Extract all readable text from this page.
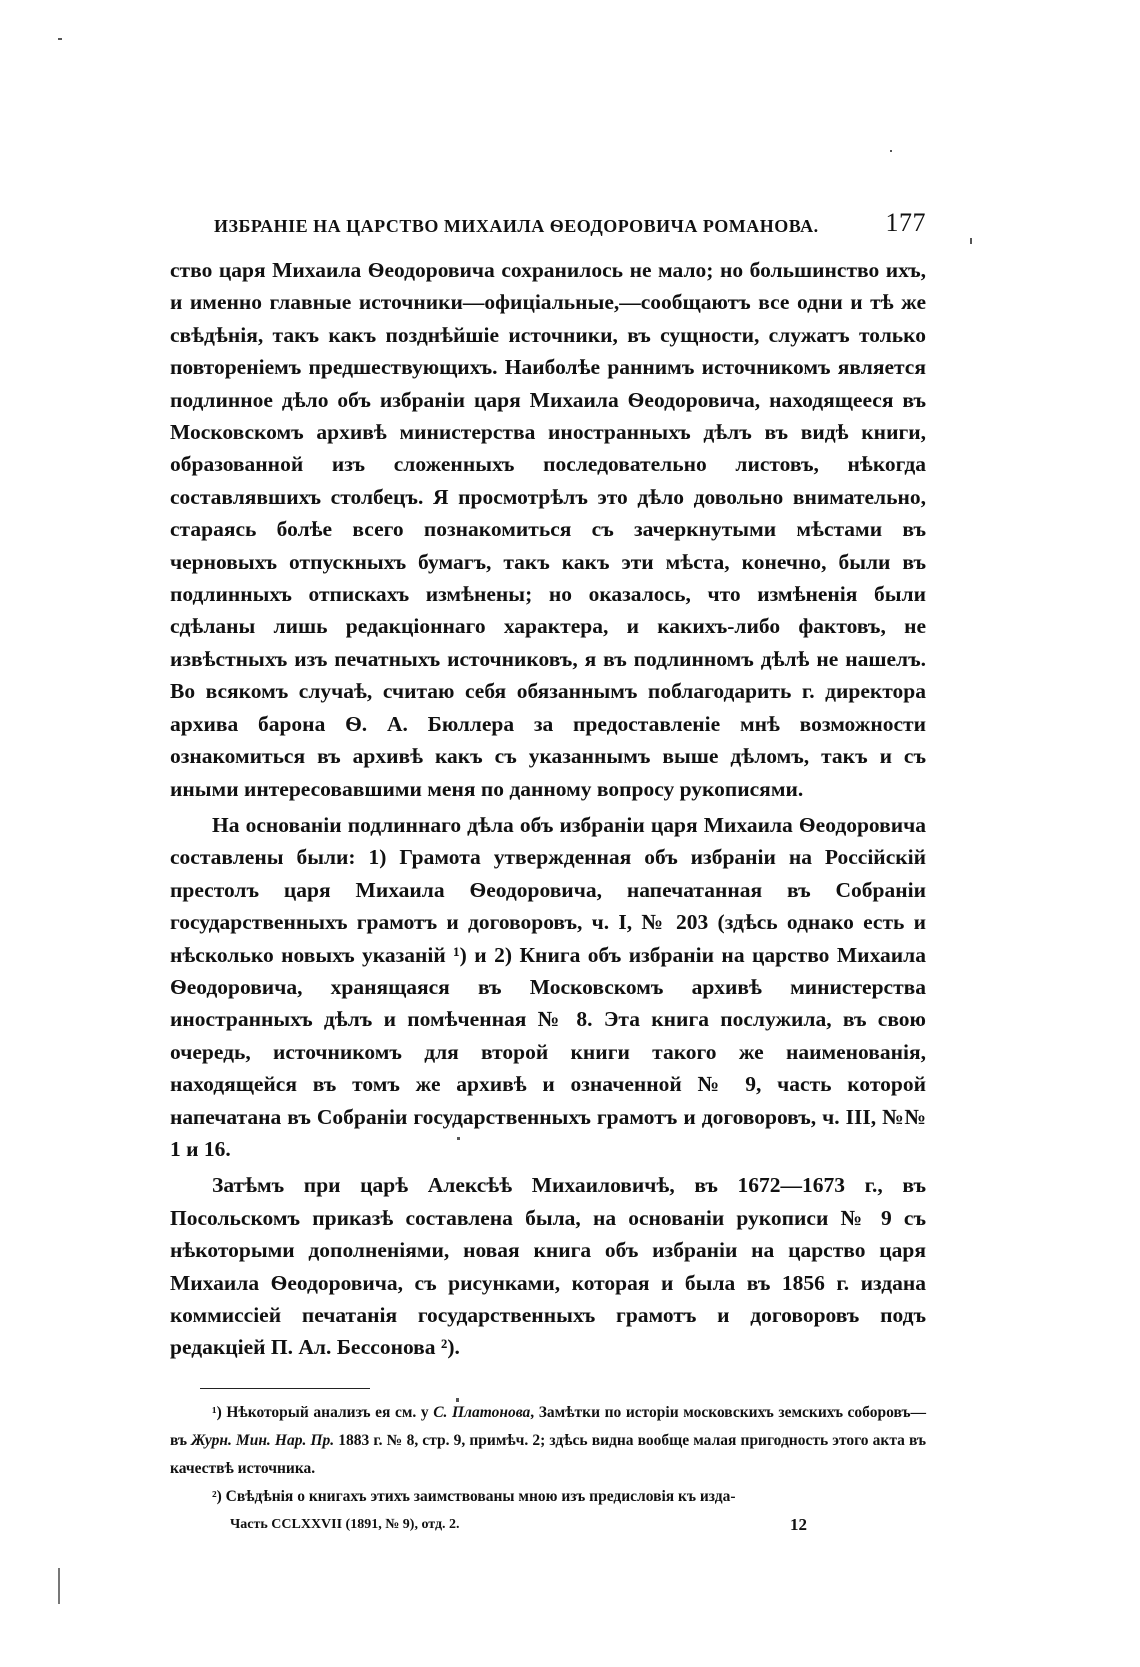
ИЗБРАНІЕ НА ЦАРСТВО МИХАИЛА ѲЕОДОРОВИЧА РОМАНОВА.	177

ство царя Михаила Ѳеодоровича сохранилось не мало; но большинство ихъ, и именно главные источники—офиціальные,—сообщаютъ все одни и тѣ же свѣдѣнія, такъ какъ позднѣйшіе источники, въ сущности, служатъ только повтореніемъ предшествующихъ. Наиболѣе раннимъ источникомъ является подлинное дѣло объ избраніи царя Михаила Ѳеодоровича, находящееся въ Московскомъ архивѣ министерства иностранныхъ дѣлъ въ видѣ книги, образованной изъ сложенныхъ последовательно листовъ, нѣкогда составлявшихъ столбецъ. Я просмотрѣлъ это дѣло довольно внимательно, стараясь болѣе всего познакомиться съ зачеркнутыми мѣстами въ черновыхъ отпускныхъ бумагъ, такъ какъ эти мѣста, конечно, были въ подлинныхъ отпискахъ измѣнены; но оказалось, что измѣненія были сдѣланы лишь редакціоннаго характера, и какихъ-либо фактовъ, не извѣстныхъ изъ печатныхъ источниковъ, я въ подлинномъ дѣлѣ не нашелъ. Во всякомъ случаѣ, считаю себя обязаннымъ поблагодарить г. директора архива барона Ѳ. А. Бюллера за предоставленіе мнѣ возможности ознакомиться въ архивѣ какъ съ указаннымъ выше дѣломъ, такъ и съ иными интересовавшими меня по данному вопросу рукописями.

На основаніи подлиннаго дѣла объ избраніи царя Михаила Ѳеодоровича составлены были: 1) Грамота утвержденная объ избраніи на Россійскій престолъ царя Михаила Ѳеодоровича, напечатанная въ Собраніи государственныхъ грамотъ и договоровъ, ч. I, № 203 (здѣсь однако есть и нѣсколько новыхъ указаній ¹) и 2) Книга объ избраніи на царство Михаила Ѳеодоровича, хранящаяся въ Московскомъ архивѣ министерства иностранныхъ дѣлъ и помѣченная № 8. Эта книга послужила, въ свою очередь, источникомъ для второй книги такого же наименованія, находящейся въ томъ же архивѣ и означенной № 9, часть которой напечатана въ Собраніи государственныхъ грамотъ и договоровъ, ч. III, №№ 1 и 16.

Затѣмъ при царѣ Алексѣѣ Михаиловичѣ, въ 1672—1673 г., въ Посольскомъ приказѣ составлена была, на основаніи рукописи № 9 съ нѣкоторыми дополненіями, новая книга объ избраніи на царство царя Михаила Ѳеодоровича, съ рисунками, которая и была въ 1856 г. издана коммиссіей печатанія государственныхъ грамотъ и договоровъ подъ редакціей П. Ал. Бессонова ²).

¹) Нѣкоторый анализъ ея см. у С. Платонова, Замѣтки по исторіи московскихъ земскихъ соборовъ—въ Журн. Мин. Нар. Пр. 1883 г. № 8, стр. 9, примѣч. 2; здѣсь видна вообще малая пригодность этого акта въ качествѣ источника.

²) Свѣдѣнія о книгахъ этихъ заимствованы мною изъ предисловія къ изда-

Часть CCLXXVII (1891, № 9), отд. 2.	12
